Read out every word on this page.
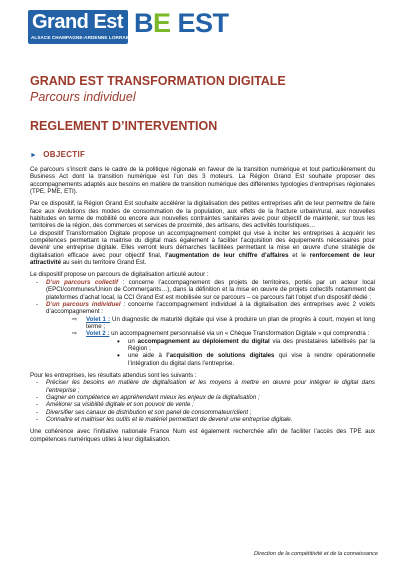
Grand Est
ALSACE CHAMPAGNE-ARDENNE LORRAINE BE EST
GRAND EST TRANSFORMATION DIGITALE
Parcours individuel
REGLEMENT D’INTERVENTION
► OBJECTIF

Ce parcours s’inscrit dans le cadre de la politique régionale en faveur de la transition numérique et tout particulièrement du Business Act dont la transition numérique est l’un des 3 moteurs. La Région Grand Est souhaite proposer des accompagnements adaptés aux besoins en matière de transition numérique des différentes typologies d’entreprises régionales (TPE, PME, ETI).

Par ce dispositif, la Région Grand Est souhaite accélérer la digitalisation des petites entreprises afin de leur permettre de faire face aux évolutions des modes de consommation de la population, aux effets de la fracture urbain/rural, aux nouvelles habitudes en terme de mobilité ou encore aux nouvelles contraintes sanitaires avec pour objectif de maintenir, sur tous les territoires de la région, des commerces et services de proximité, des artisans, des activités touristiques…

Le dispositif Transformation Digitale propose un accompagnement complet qui vise à inciter les entreprises à acquérir les compétences permettant la maitrise du digital mais également à faciliter l’acquisition des équipements nécessaires pour devenir une entreprise digitale. Elles verront leurs démarches facilitées permettant la mise en œuvre d’une stratégie de digitalisation efficace avec pour objectif final, l’augmentation de leur chiffre d’affaires et le renforcement de leur attractivité au sein du territoire Grand Est.

Le dispositif propose un parcours de digitalisation articulé autour :

- D’un parcours collectif : concerne l’accompagnement des projets de territoires, portés par un acteur local (EPCI/communes/Union de Commerçants…), dans la définition et la mise en œuvre de projets collectifs notamment de plateformes d’achat local, la CCI Grand Est est mobilisée sur ce parcours – ce parcours fait l’objet d’un dispositif dédié ;
- D’un parcours individuel : concerne l’accompagnement individuel à la digitalisation des entreprises avec 2 volets d’accompagnement :
⇨ Volet 1 : Un diagnostic de maturité digitale qui vise à produire un plan de progrès à court, moyen et long terme ;
⇨ Volet 2 : un accompagnement personnalisé via un « Chèque Transformation Digitale » qui comprendra :
• un accompagnement au déploiement du digital via des prestataires labellisés par la Région ;
• une aide à l’acquisition de solutions digitales qui vise à rendre opérationnelle l’intégration du digital dans l’entreprise.

Pour les entreprises, les résultats attendus sont les suivants :

- Préciser les besoins en matière de digitalisation et les moyens à mettre en œuvre pour intégrer le digital dans l’entreprise ;
- Gagner en compétence en appréhendant mieux les enjeux de la digitalisation ;
- Améliorer sa visibilité digitale et son pouvoir de vente ;
- Diversifier ses canaux de distribution et son panel de consommateur/client ;
- Connaitre et maitriser les outils et le matériel permettant de devenir une entreprise digitale.

Une cohérence avec l’initiative nationale France Num est également recherchée afin de faciliter l’accès des TPE aux compétences numériques utiles à leur digitalisation.

Direction de la compétitivité et de la connaissance
